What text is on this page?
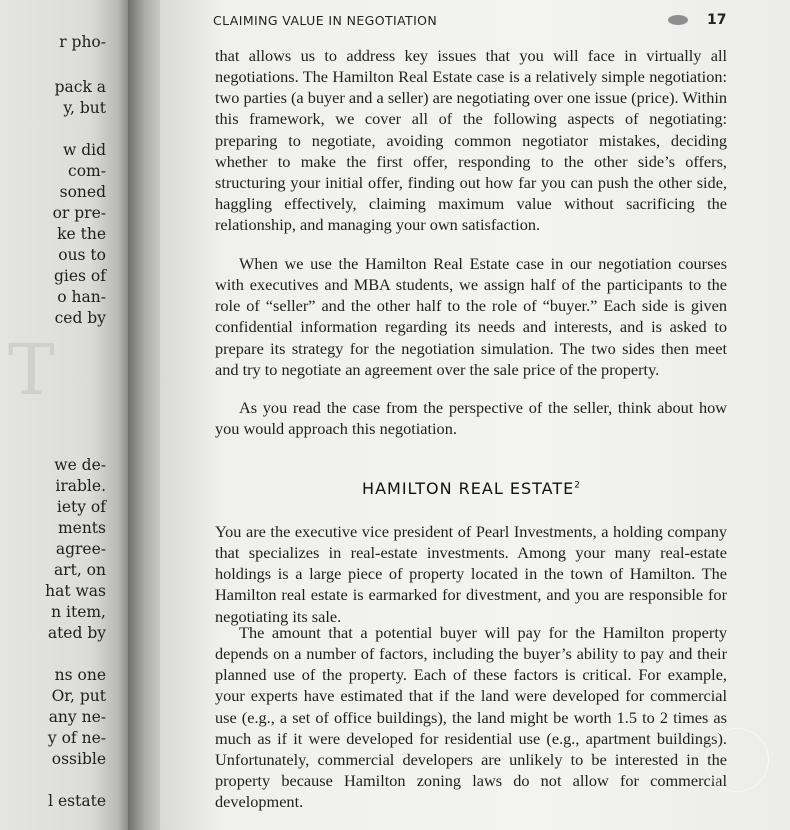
T
r pho-
pack a
y, but
w did
com-
soned
or pre-
ke the
ous to
gies of
o han-
ced by
we de-
irable.
iety of
ments
agree-
art, on
hat was
n item,
ated by
ns one
Or, put
any ne-
y of ne-
ossible
l estate
CLAIMING VALUE IN NEGOTIATION	17

that allows us to address key issues that you will face in virtually all negotiations. The Hamilton Real Estate case is a relatively simple negotiation: two parties (a buyer and a seller) are negotiating over one issue (price). Within this framework, we cover all of the following aspects of negotiating: preparing to negotiate, avoiding common negotiator mistakes, deciding whether to make the first offer, responding to the other side’s offers, structuring your initial offer, finding out how far you can push the other side, haggling effectively, claiming maximum value without sacrificing the relationship, and managing your own satisfaction.

When we use the Hamilton Real Estate case in our negotiation courses with executives and MBA students, we assign half of the participants to the role of “seller” and the other half to the role of “buyer.” Each side is given confidential information regarding its needs and interests, and is asked to prepare its strategy for the negotiation simulation. The two sides then meet and try to negotiate an agreement over the sale price of the property.

As you read the case from the perspective of the seller, think about how you would approach this negotiation.

HAMILTON REAL ESTATE$^2$

You are the executive vice president of Pearl Investments, a holding company that specializes in real-estate investments. Among your many real-estate holdings is a large piece of property located in the town of Hamilton. The Hamilton real estate is earmarked for divestment, and you are responsible for negotiating its sale.

The amount that a potential buyer will pay for the Hamilton property depends on a number of factors, including the buyer’s ability to pay and their planned use of the property. Each of these factors is critical. For example, your experts have estimated that if the land were developed for commercial use (e.g., a set of office buildings), the land might be worth 1.5 to 2 times as much as if it were developed for residential use (e.g., apartment buildings). Unfortunately, commercial developers are unlikely to be interested in the property because Hamilton zoning laws do not allow for commercial development.
